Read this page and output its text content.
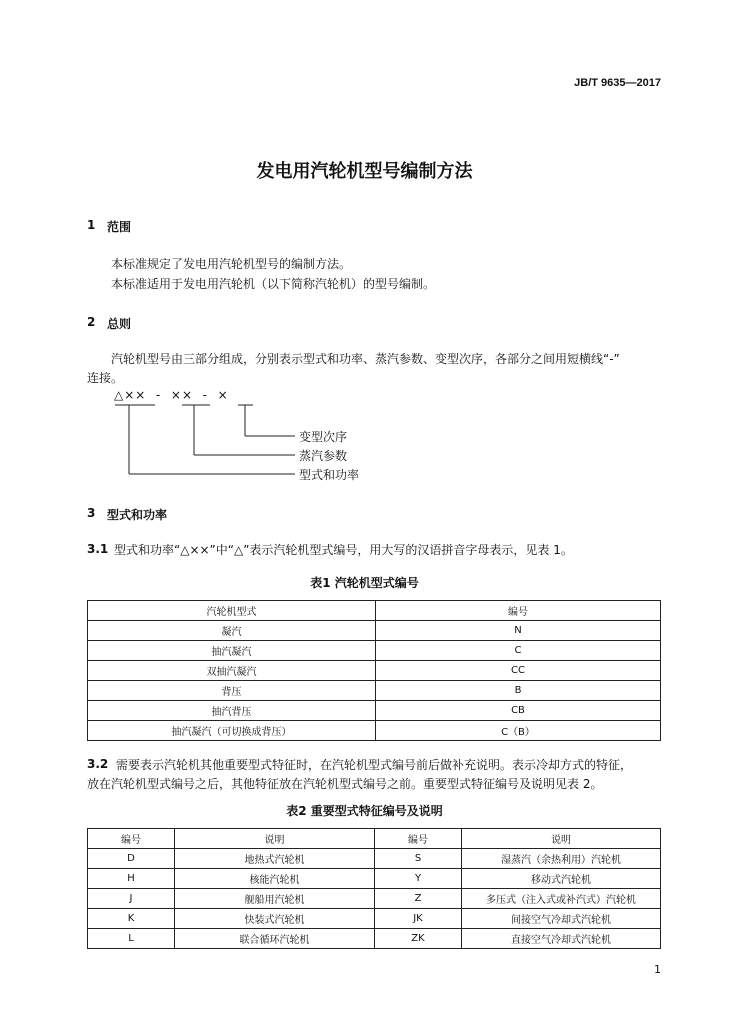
JB/T 9635—2017
发电用汽轮机型号编制方法
1 范围
本标准规定了发电用汽轮机型号的编制方法。
本标准适用于发电用汽轮机（以下简称汽轮机）的型号编制。
2 总则
汽轮机型号由三部分组成，分别表示型式和功率、蒸汽参数、变型次序，各部分之间用短横线“-”
连接。
△××  -  ××  -  ×
变型次序
蒸汽参数
型式和功率
3 型式和功率
3.1 型式和功率“△××”中“△”表示汽轮机型式编号，用大写的汉语拼音字母表示，见表 1。
表1 汽轮机型式编号
汽轮机型式	编号
凝汽	N
抽汽凝汽	C
双抽汽凝汽	CC
背压	B
抽汽背压	CB
抽汽凝汽（可切换成背压）	C（B）
3.2 需要表示汽轮机其他重要型式特征时，在汽轮机型式编号前后做补充说明。表示冷却方式的特征，
放在汽轮机型式编号之后，其他特征放在汽轮机型式编号之前。重要型式特征编号及说明见表 2。
表2 重要型式特征编号及说明
编号	说明	编号	说明
D	地热式汽轮机	S	湿蒸汽（余热利用）汽轮机
H	核能汽轮机	Y	移动式汽轮机
J	舰船用汽轮机	Z	多压式（注入式或补汽式）汽轮机
K	快装式汽轮机	JK	间接空气冷却式汽轮机
L	联合循环汽轮机	ZK	直接空气冷却式汽轮机
1
